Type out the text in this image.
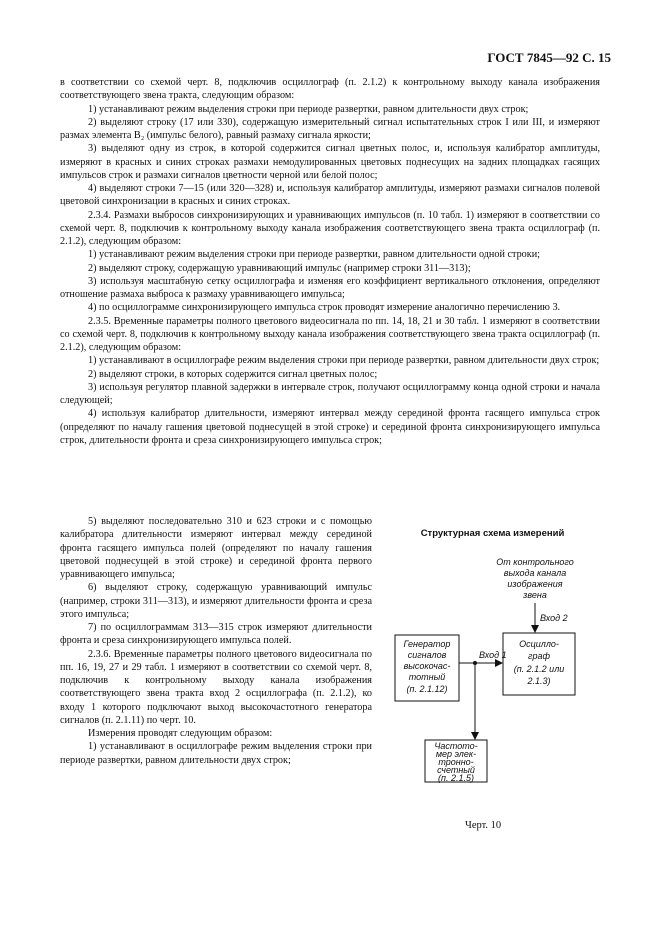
ГОСТ 7845—92 С. 15

в соответствии со схемой черт. 8, подключив осциллограф (п. 2.1.2) к контрольному выходу канала изображения соответствующего звена тракта, следующим образом:

1) устанавливают режим выделения строки при периоде развертки, равном длительности двух строк;

2) выделяют строку (17 или 330), содержащую измерительный сигнал испытательных строк I или III, и измеряют размах элемента B₂ (импульс белого), равный размаху сигнала яркости;

3) выделяют одну из строк, в которой содержится сигнал цветных полос, и, используя калибратор амплитуды, измеряют в красных и синих строках размахи немодулированных цветовых поднесущих на задних площадках гасящих импульсов строк и размахи сигналов цветности черной или белой полос;

4) выделяют строки 7—15 (или 320—328) и, используя калибратор амплитуды, измеряют размахи сигналов полевой цветовой синхронизации в красных и синих строках.

2.3.4. Размахи выбросов синхронизирующих и уравнивающих импульсов (п. 10 табл. 1) измеряют в соответствии со схемой черт. 8, подключив к контрольному выходу канала изображения соответствующего звена тракта осциллограф (п. 2.1.2), следующим образом:

1) устанавливают режим выделения строки при периоде развертки, равном длительности одной строки;

2) выделяют строку, содержащую уравнивающий импульс (например строки 311—313);

3) используя масштабную сетку осциллографа и изменяя его коэффициент вертикального отклонения, определяют отношение размаха выброса к размаху уравнивающего импульса;

4) по осциллограмме синхронизирующего импульса строк проводят измерение аналогично перечислению 3.

2.3.5. Временные параметры полного цветового видеосигнала по пп. 14, 18, 21 и 30 табл. 1 измеряют в соответствии со схемой черт. 8, подключив к контрольному выходу канала изображения соответствующего звена тракта осциллограф (п. 2.1.2), следующим образом:

1) устанавливают в осциллографе режим выделения строки при периоде развертки, равном длительности двух строк;

2) выделяют строки, в которых содержится сигнал цветных полос;

3) используя регулятор плавной задержки в интервале строк, получают осциллограмму конца одной строки и начала следующей;

4) используя калибратор длительности, измеряют интервал между серединой фронта гасящего импульса строк (определяют по началу гашения цветовой поднесущей в этой строке) и серединой фронта синхронизирующего импульса строк, длительности фронта и среза синхронизирующего импульса строк;

5) выделяют последовательно 310 и 623 строки и с помощью калибратора длительности измеряют интервал между серединой фронта гасящего импульса полей (определяют по началу гашения цветовой поднесущей в этой строке) и серединой фронта первого уравнивающего импульса;

6) выделяют строку, содержащую уравнивающий импульс (например, строки 311—313), и измеряют длительности фронта и среза этого импульса;

7) по осциллограммам 313—315 строк измеряют длительности фронта и среза синхронизирующего импульса полей.

2.3.6. Временные параметры полного цветового видеосигнала по пп. 16, 19, 27 и 29 табл. 1 измеряют в соответствии со схемой черт. 8, подключив к контрольному выходу канала изображения соответствующего звена тракта вход 2 осциллографа (п. 2.1.2), ко входу 1 которого подключают выход высокочастотного генератора сигналов (п. 2.1.11) по черт. 10.

Измерения проводят следующим образом:

1) устанавливают в осциллографе режим выделения строки при периоде развертки, равном длительности двух строк;

Структурная схема измерений
От контрольного
выхода канала
изображения
звена
Вход 2
Осцилло-
граф
(п. 2.1.2 или
2.1.3)
Генератор
сигналов
высокочас-
тотный
(п. 2.1.12)
Вход 1
Частото-
мер элек-
тронно-
счетный
(п. 2.1.5)
Черт. 10
